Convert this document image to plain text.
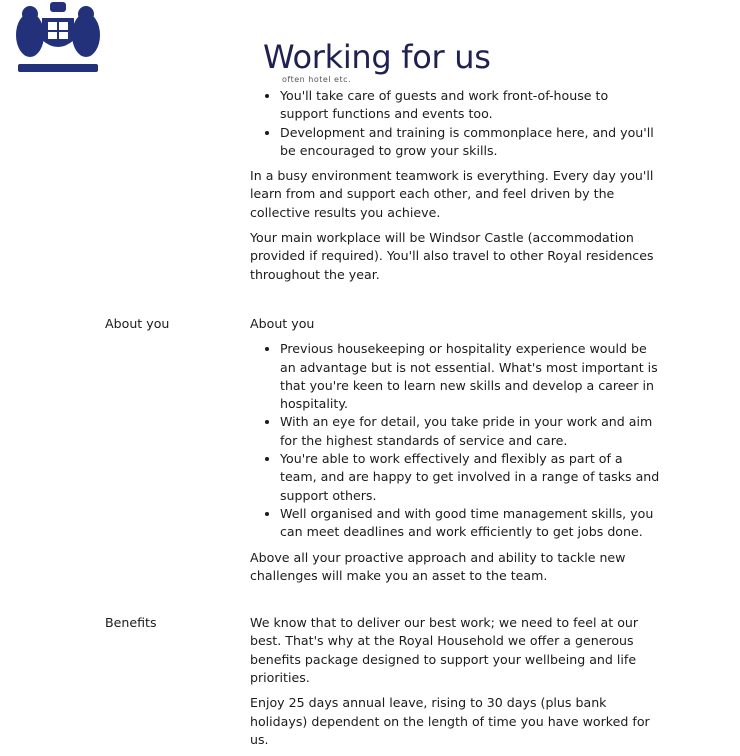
Working for us
often hotel etc.
• You'll take care of guests and work front-of-house to support functions and events too.
• Development and training is commonplace here, and you'll be encouraged to grow your skills.

In a busy environment teamwork is everything. Every day you'll learn from and support each other, and feel driven by the collective results you achieve.

Your main workplace will be Windsor Castle (accommodation provided if required). You'll also travel to other Royal residences throughout the year.

About you
• Previous housekeeping or hospitality experience would be an advantage but is not essential. What's most important is that you're keen to learn new skills and develop a career in hospitality.
• With an eye for detail, you take pride in your work and aim for the highest standards of service and care.
• You're able to work effectively and flexibly as part of a team, and are happy to get involved in a range of tasks and support others.
• Well organised and with good time management skills, you can meet deadlines and work efficiently to get jobs done.

Above all your proactive approach and ability to tackle new challenges will make you an asset to the team.

We know that to deliver our best work; we need to feel at our best. That's why at the Royal Household we offer a generous benefits package designed to support your wellbeing and life priorities.

Enjoy 25 days annual leave, rising to 30 days (plus bank holidays) dependent on the length of time you have worked for us.

About you
Benefits
